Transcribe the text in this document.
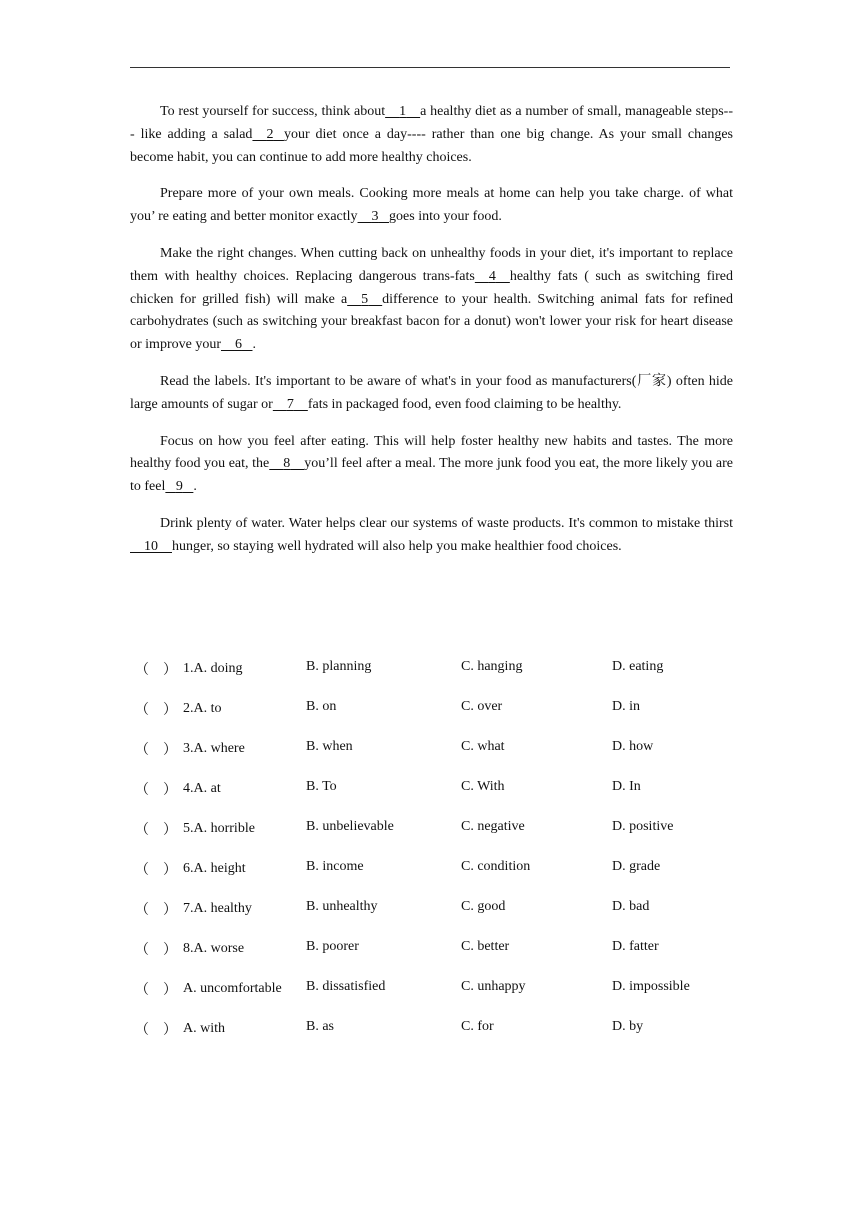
To rest yourself for success, think about 1 a healthy diet as a number of small, manageable steps--- like adding a salad 2 your diet once a day---- rather than one big change. As your small changes become habit, you can continue to add more healthy choices.

Prepare more of your own meals. Cooking more meals at home can help you take charge. of what you’ re eating and better monitor exactly 3 goes into your food.

Make the right changes. When cutting back on unhealthy foods in your diet, it's important to replace them with healthy choices. Replacing dangerous trans-fats 4 healthy fats ( such as switching fired chicken for grilled fish) will make a 5 difference to your health. Switching animal fats for refined carbohydrates (such as switching your breakfast bacon for a donut) won't lower your risk for heart disease or improve your 6 .

Read the labels. It's important to be aware of what's in your food as manufacturers(厂家) often hide large amounts of sugar or 7 fats in packaged food, even food claiming to be healthy.

Focus on how you feel after eating. This will help foster healthy new habits and tastes. The more healthy food you eat, the 8 you’ll feel after a meal. The more junk food you eat, the more likely you are to feel 9 .

Drink plenty of water. Water helps clear our systems of waste products. It's common to mistake thirst    10 hunger, so staying well hydrated will also help you make healthier food choices.

（　） 1.A. doing	B. planning	C. hanging	D. eating
（　） 2.A. to	B. on	C. over	D. in
（　） 3.A. where	B. when	C. what	D. how
（　） 4.A. at	B. To	C. With	D. In
（　） 5.A. horrible	B. unbelievable	C. negative	D. positive
（　） 6.A. height	B. income	C. condition	D. grade
（　） 7.A. healthy	B. unhealthy	C. good	D. bad
（　） 8.A. worse	B. poorer	C. better	D. fatter
（　） A. uncomfortable B. dissatisfied	C. unhappy	D. impossible
（　） A. with	B. as	C. for	D. by
